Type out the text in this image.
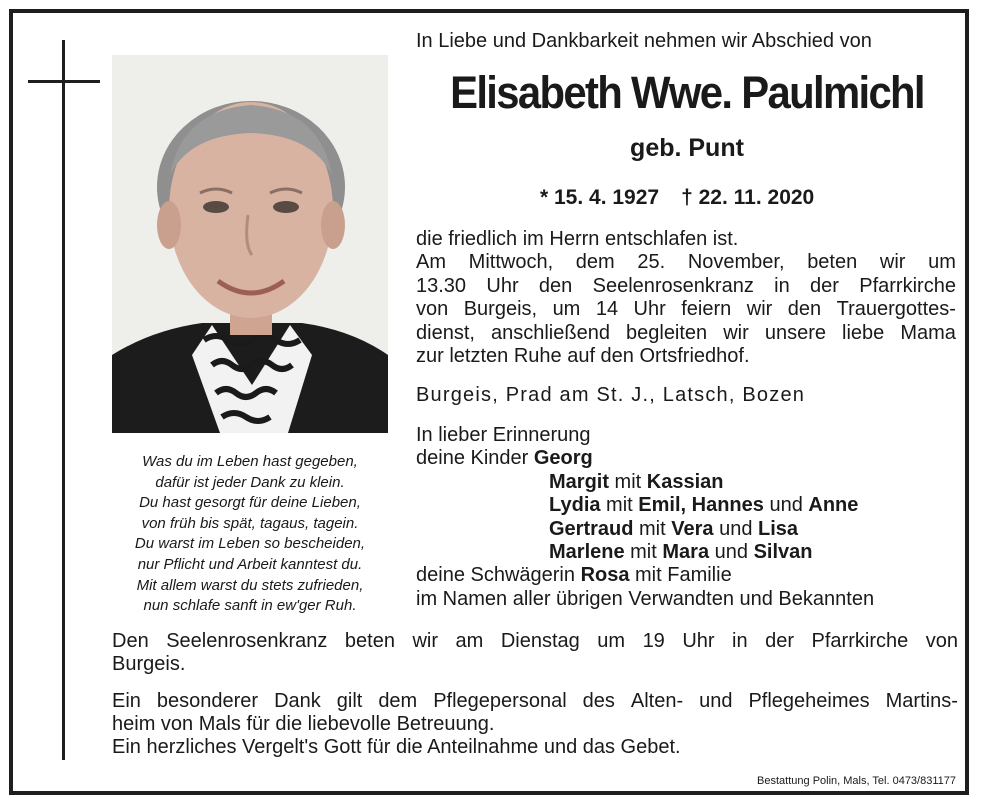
Was du im Leben hast gegeben,
dafür ist jeder Dank zu klein.
Du hast gesorgt für deine Lieben,
von früh bis spät, tagaus, tagein.
Du warst im Leben so bescheiden,
nur Pflicht und Arbeit kanntest du.
Mit allem warst du stets zufrieden,
nun schlafe sanft in ew'ger Ruh.
In Liebe und Dankbarkeit nehmen wir Abschied von
Elisabeth Wwe. Paulmichl
geb. Punt
* 15. 4. 1927 † 22. 11. 2020
die friedlich im Herrn entschlafen ist.
Am Mittwoch, dem 25. November, beten wir um
13.30 Uhr den Seelenrosenkranz in der Pfarrkirche
von Burgeis, um 14 Uhr feiern wir den Trauergottes-
dienst, anschließend begleiten wir unsere liebe Mama
zur letzten Ruhe auf den Ortsfriedhof.
Burgeis, Prad am St. J., Latsch, Bozen
In lieber Erinnerung
deine Kinder Georg
Margit mit Kassian
Lydia mit Emil, Hannes und Anne
Gertraud mit Vera und Lisa
Marlene mit Mara und Silvan
deine Schwägerin Rosa mit Familie
im Namen aller übrigen Verwandten und Bekannten
Den Seelenrosenkranz beten wir am Dienstag um 19 Uhr in der Pfarrkirche von
Burgeis.
Ein besonderer Dank gilt dem Pflegepersonal des Alten- und Pflegeheimes Martins-
heim von Mals für die liebevolle Betreuung.
Ein herzliches Vergelt's Gott für die Anteilnahme und das Gebet.
Bestattung Polin, Mals, Tel. 0473/831177
